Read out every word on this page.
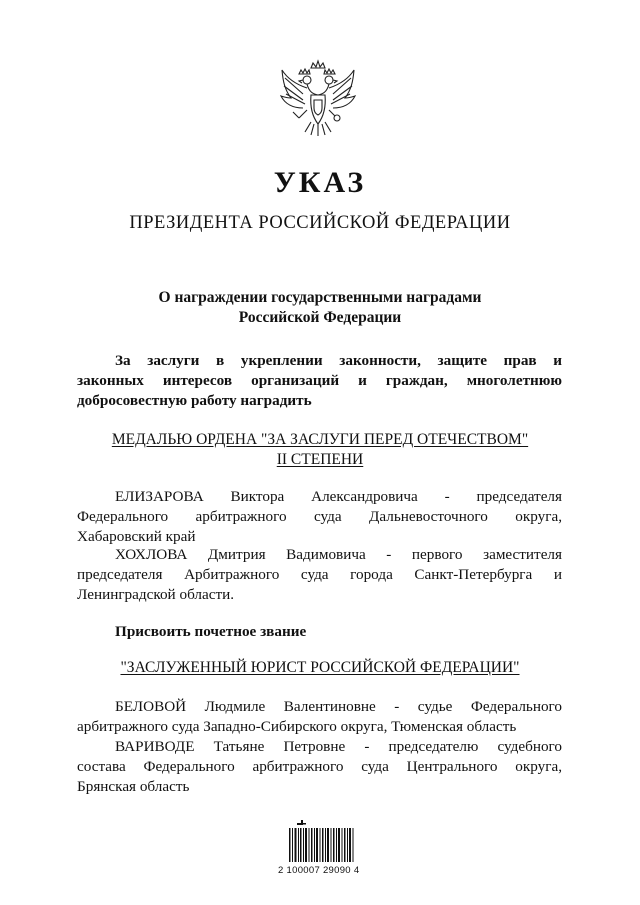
УКАЗ
ПРЕЗИДЕНТА РОССИЙСКОЙ ФЕДЕРАЦИИ
О награждении государственными наградами
Российской Федерации
За заслуги в укреплении законности, защите прав и
законных интересов организаций и граждан, многолетнюю
добросовестную работу наградить
МЕДАЛЬЮ ОРДЕНА "ЗА ЗАСЛУГИ ПЕРЕД ОТЕЧЕСТВОМ"
II СТЕПЕНИ
ЕЛИЗАРОВА Виктора Александровича - председателя
Федерального арбитражного суда Дальневосточного округа,
Хабаровский край
ХОХЛОВА Дмитрия Вадимовича - первого заместителя
председателя Арбитражного суда города Санкт-Петербурга и
Ленинградской области.
Присвоить почетное звание
"ЗАСЛУЖЕННЫЙ ЮРИСТ РОССИЙСКОЙ ФЕДЕРАЦИИ"
БЕЛОВОЙ Людмиле Валентиновне - судье Федерального
арбитражного суда Западно-Сибирского округа, Тюменская область
ВАРИВОДЕ Татьяне Петровне - председателю судебного
состава Федерального арбитражного суда Центрального округа,
Брянская область
2 100007 29090 4
